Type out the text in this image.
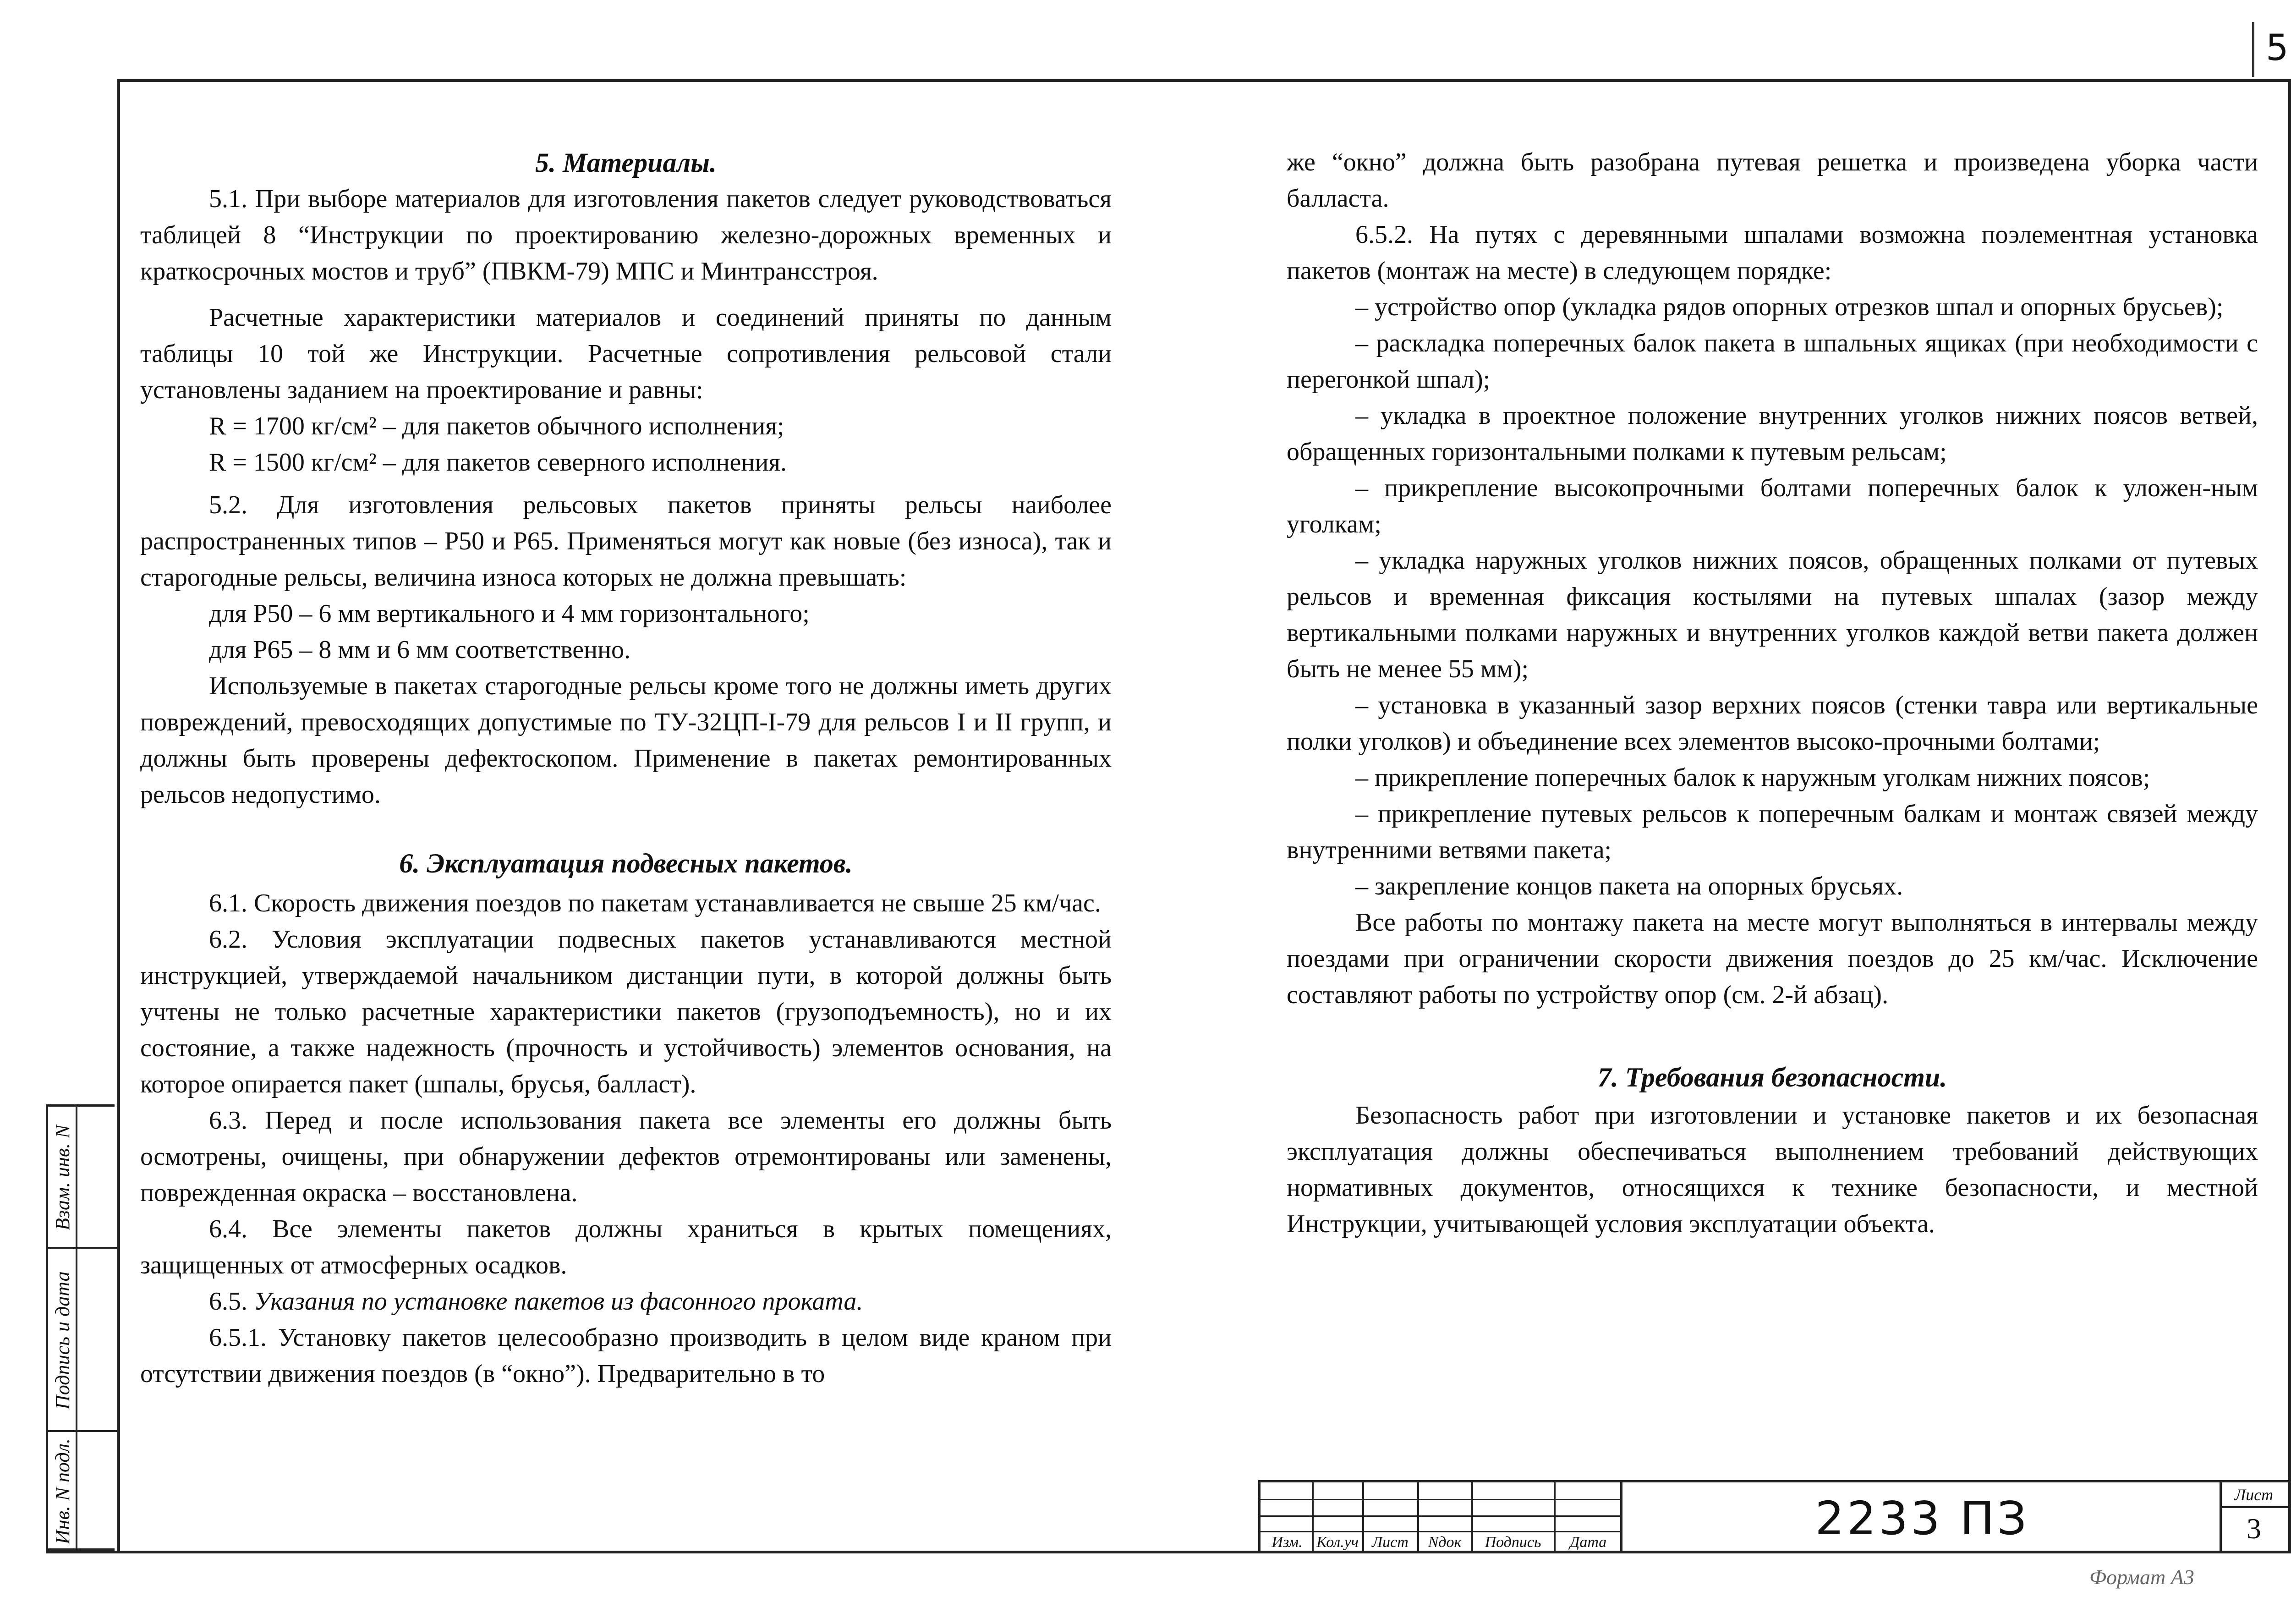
5
Взам. инв. N
Подпись и дата
Инв. N подл.
5. Материалы.

5.1. При выборе материалов для изготовления пакетов следует руководствоваться таблицей 8 “Инструкции по проектированию железно-дорожных временных и краткосрочных мостов и труб” (ПВКМ-79) МПС и Минтрансстроя.

Расчетные характеристики материалов и соединений приняты по данным таблицы 10 той же Инструкции. Расчетные сопротивления рельсовой стали установлены заданием на проектирование и равны:

R = 1700 кг/см² – для пакетов обычного исполнения;

R = 1500 кг/см² – для пакетов северного исполнения.

5.2. Для изготовления рельсовых пакетов приняты рельсы наиболее распространенных типов – Р50 и Р65. Применяться могут как новые (без износа), так и старогодные рельсы, величина износа которых не должна превышать:

для Р50 – 6 мм вертикального и 4 мм горизонтального;

для Р65 – 8 мм и 6 мм соответственно.

Используемые в пакетах старогодные рельсы кроме того не должны иметь других повреждений, превосходящих допустимые по ТУ-32ЦП-I-79 для рельсов I и II групп, и должны быть проверены дефектоскопом. Применение в пакетах ремонтированных рельсов недопустимо.

6. Эксплуатация подвесных пакетов.

6.1. Скорость движения поездов по пакетам устанавливается не свыше 25 км/час.

6.2. Условия эксплуатации подвесных пакетов устанавливаются местной инструкцией, утверждаемой начальником дистанции пути, в которой должны быть учтены не только расчетные характеристики пакетов (грузоподъемность), но и их состояние, а также надежность (прочность и устойчивость) элементов основания, на которое опирается пакет (шпалы, брусья, балласт).

6.3. Перед и после использования пакета все элементы его должны быть осмотрены, очищены, при обнаружении дефектов отремонтированы или заменены, поврежденная окраска – восстановлена.

6.4. Все элементы пакетов должны храниться в крытых помещениях, защищенных от атмосферных осадков.

6.5. Указания по установке пакетов из фасонного проката.

6.5.1. Установку пакетов целесообразно производить в целом виде краном при отсутствии движения поездов (в “окно”). Предварительно в то

же “окно” должна быть разобрана путевая решетка и произведена уборка части балласта.

6.5.2. На путях с деревянными шпалами возможна поэлементная установка пакетов (монтаж на месте) в следующем порядке:

– устройство опор (укладка рядов опорных отрезков шпал и опорных брусьев);

– раскладка поперечных балок пакета в шпальных ящиках (при необходимости с перегонкой шпал);

– укладка в проектное положение внутренних уголков нижних поясов ветвей, обращенных горизонтальными полками к путевым рельсам;

– прикрепление высокопрочными болтами поперечных балок к уложен-ным уголкам;

– укладка наружных уголков нижних поясов, обращенных полками от путевых рельсов и временная фиксация костылями на путевых шпалах (зазор между вертикальными полками наружных и внутренних уголков каждой ветви пакета должен быть не менее 55 мм);

– установка в указанный зазор верхних поясов (стенки тавра или вертикальные полки уголков) и объединение всех элементов высоко-прочными болтами;

– прикрепление поперечных балок к наружным уголкам нижних поясов;

– прикрепление путевых рельсов к поперечным балкам и монтаж связей между внутренними ветвями пакета;

– закрепление концов пакета на опорных брусьях.

Все работы по монтажу пакета на месте могут выполняться в интервалы между поездами при ограничении скорости движения поездов до 25 км/час. Исключение составляют работы по устройству опор (см. 2-й абзац).

7. Требования безопасности.

Безопасность работ при изготовлении и установке пакетов и их безопасная эксплуатация должны обеспечиваться выполнением требований действующих нормативных документов, относящихся к технике безопасности, и местной Инструкции, учитывающей условия эксплуатации объекта.

Изм. Кол.уч Лист	Nдок	Подпись	Дата	2233 ПЗ	Лист
3
Формат А3
